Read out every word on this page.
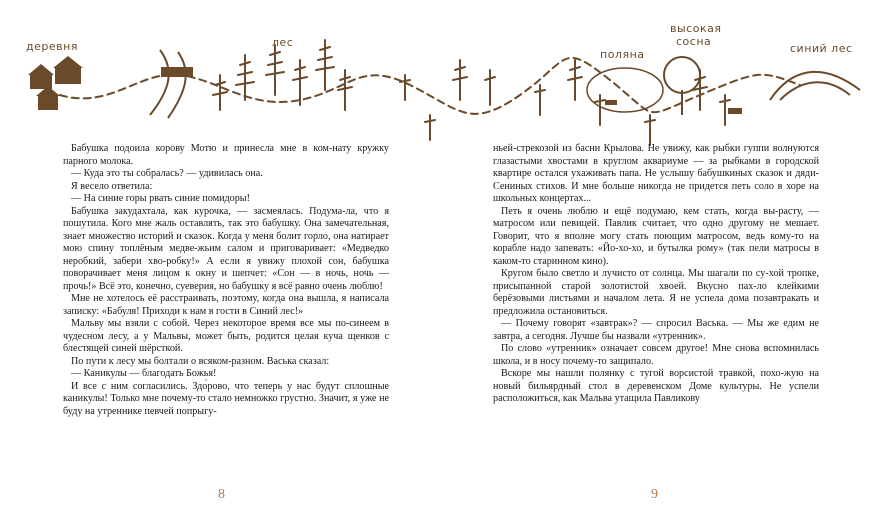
деревня	лес
поляна
высокая
сосна
синий лес

Бабушка подоила корову Мотю и принесла мне в ком-нату кружку парного молока.

— Куда это ты собралась? — удивилась она.

Я весело ответила:

— На синие горы рвать синие помидоры!

Бабушка закудахтала, как курочка, — засмеялась. Подума-ла, что я пошутила. Кого мне жаль оставлять, так это бабушку. Она замечательная, знает множество историй и сказок. Когда у меня болит горло, она натирает мою спину топлёным медве-жьим салом и приговаривает: «Медведко неробкий, забери хво-робку!» А если я увижу плохой сон, бабушка поворачивает меня лицом к окну и шепчет: «Сон — в ночь, ночь — прочь!» Всё это, конечно, суеверия, но бабушку я всё равно очень люблю!

Мне не хотелось её расстраивать, поэтому, когда она вышла, я написала записку: «Бабуля! Приходи к нам в гости в Синий лес!»

Мальву мы взяли с собой. Через некоторое время все мы по-синеем в чудесном лесу, а у Мальвы, может быть, родится целая куча щенков с блестящей синей шёрсткой.

По пути к лесу мы болтали о всяком-разном. Васька сказал:

— Каникулы — благодать Божья!

И все с ним согласились. Здо́рово, что теперь у нас будут сплошные каникулы! Только мне почему-то стало немножко грустно. Значит, я уже не буду на утреннике певчей попрыгу-

ньей-стрекозой из басни Крылова. Не увижу, как рыбки гуппи волнуются глазастыми хвостами в круглом аквариуме — за рыбками в городской квартире остался ухаживать папа. Не услышу бабушкиных сказок и дяди-Сениных стихов. И мне больше никогда не придется петь соло в хоре на школьных концертах...

Петь я очень люблю и ещё подумаю, кем стать, когда вы-расту, — матросом или певицей. Павлик считает, что одно другому не мешает. Говорит, что я вполне могу стать поющим матросом, ведь кому-то на корабле надо запевать: «Йо-хо-хо, и бутылка рому» (так пели матросы в каком-то старинном кино).

Кругом было светло и лучисто от солнца. Мы шагали по су-хой тропке, присыпанной старой золотистой хвоей. Вкусно пах-ло клейкими берёзовыми листьями и началом лета. Я не успела дома позавтракать и предложила остановиться.

— Почему говорят «завтрак»? — спросил Васька. — Мы же едим не завтра, а сегодня. Лучше бы назвали «утренник».

По слово «утренник» означает совсем другое! Мне снова вспомнилась школа, и в носу почему-то защипало.

Вскоре мы нашли полянку с тугой ворсистой травкой, похо-жую на новый бильярдный стол в деревенском Доме культуры. Не успели расположиться, как Мальва утащила Павликову

8	9
